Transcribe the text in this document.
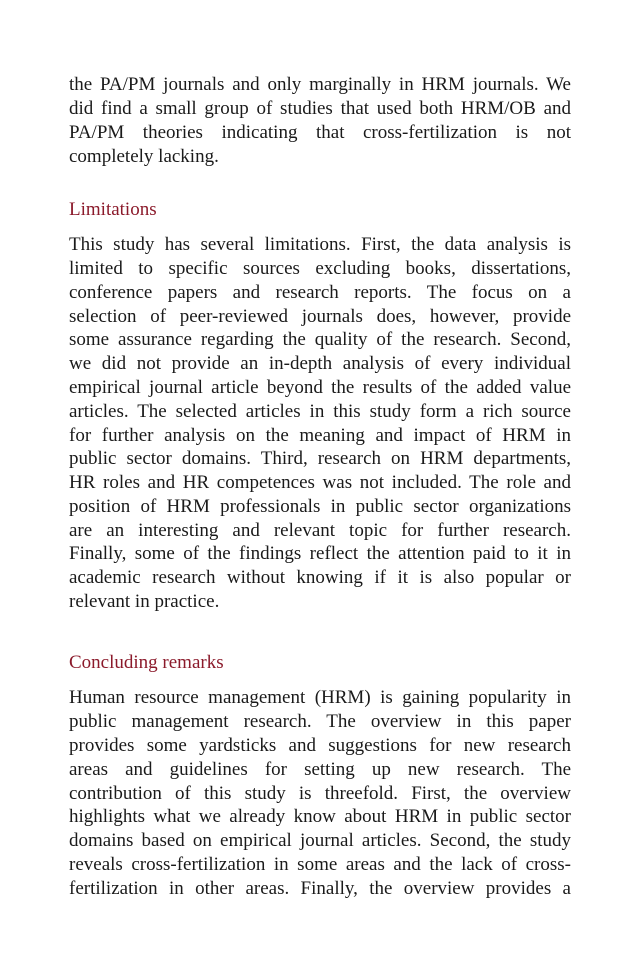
the PA/PM journals and only marginally in HRM journals. We

did find a small group of studies that used both HRM/OB and

PA/PM theories indicating that cross-fertilization is not

completely lacking.

Limitations

This study has several limitations. First, the data analysis is

limited to specific sources excluding books, dissertations,

conference papers and research reports. The focus on a

selection of peer-reviewed journals does, however, provide

some assurance regarding the quality of the research. Second,

we did not provide an in-depth analysis of every individual

empirical journal article beyond the results of the added value

articles. The selected articles in this study form a rich source

for further analysis on the meaning and impact of HRM in

public sector domains. Third, research on HRM departments,

HR roles and HR competences was not included. The role and

position of HRM professionals in public sector organizations

are an interesting and relevant topic for further research.

Finally, some of the findings reflect the attention paid to it in

academic research without knowing if it is also popular or

relevant in practice.

Concluding remarks

Human resource management (HRM) is gaining popularity in

public management research. The overview in this paper

provides some yardsticks and suggestions for new research

areas and guidelines for setting up new research. The

contribution of this study is threefold. First, the overview

highlights what we already know about HRM in public sector

domains based on empirical journal articles. Second, the study

reveals cross-fertilization in some areas and the lack of cross-

fertilization in other areas. Finally, the overview provides a
